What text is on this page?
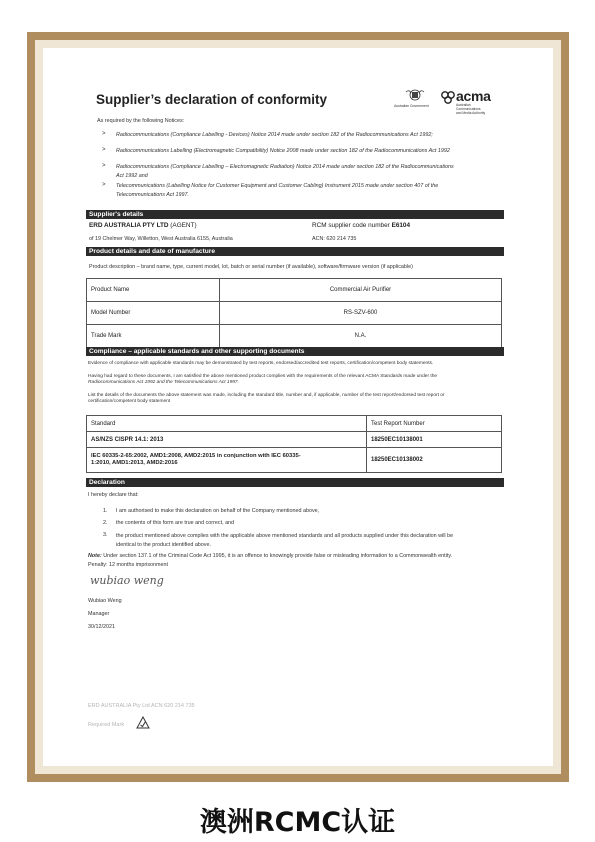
Supplier’s declaration of conformity	Australian Government
acma
Australian
Communications
and Media Authority
As required by the following Notices:
> Radiocommunications (Compliance Labelling - Devices) Notice 2014 made under section 182 of the Radiocommunications Act 1992;
> Radiocommunications Labelling (Electromagnetic Compatibility) Notice 2008 made under section 182 of the Radiocommunications Act 1992
> Radiocommunications (Compliance Labelling – Electromagnetic Radiation) Notice 2014 made under section 182 of the Radiocommunications
Act 1992 and
> Telecommunications (Labelling Notice for Customer Equipment and Customer Cabling) Instrument 2015 made under section 407 of the
Telecommunications Act 1997.
Supplier's details
ERD AUSTRALIA PTY LTD (AGENT)
of 19 Chelmer Way, Willetton, West Australia 6155, Australia
RCM supplier code number E6104
ACN: 620 214 735
Product details and date of manufacture
Product description – brand name, type, current model, lot, batch or serial number (if available), software/firmware version (if applicable)
Product Name	Commercial Air Purifier
Model Number	RS-SZV-600
Trade Mark	N.A.
Compliance – applicable standards and other supporting documents
Evidence of compliance with applicable standards may be demonstrated by test reports, endorsed/accredited test reports, certification/competent body statements.
Having had regard to these documents, I am satisfied the above mentioned product complies with the requirements of the relevant ACMA Standards made under the
Radiocommunications Act 1992 and the Telecommunications Act 1997.
List the details of the documents the above statement was made, including the standard title, number and, if applicable, number of the test report/endorsed test report or
certification/competent body statement
Standard	Test Report Number
AS/NZS CISPR 14.1: 2013	18250EC10138001

IEC 60335-2-65:2002, AMD1:2008, AMD2:2015 in conjunction with IEC 60335-
1:2010, AMD1:2013, AMD2:2016	18250EC10138002
Declaration
I hereby declare that:
1. I am authorised to make this declaration on behalf of the Company mentioned above,
2. the contents of this form are true and correct, and
3. the product mentioned above complies with the applicable above mentioned standards and all products supplied under this declaration will be
identical to the product identified above.
Note: Under section 137.1 of the Criminal Code Act 1995, it is an offence to knowingly provide false or misleading information to a Commonwealth entity.
Penalty: 12 months imprisonment
wubiao weng
Wubiao Weng
Manager
30/12/2021
ERD AUSTRALIA Pty Ltd ACN 620 214 735
Required Mark
澳洲RCMC认证
